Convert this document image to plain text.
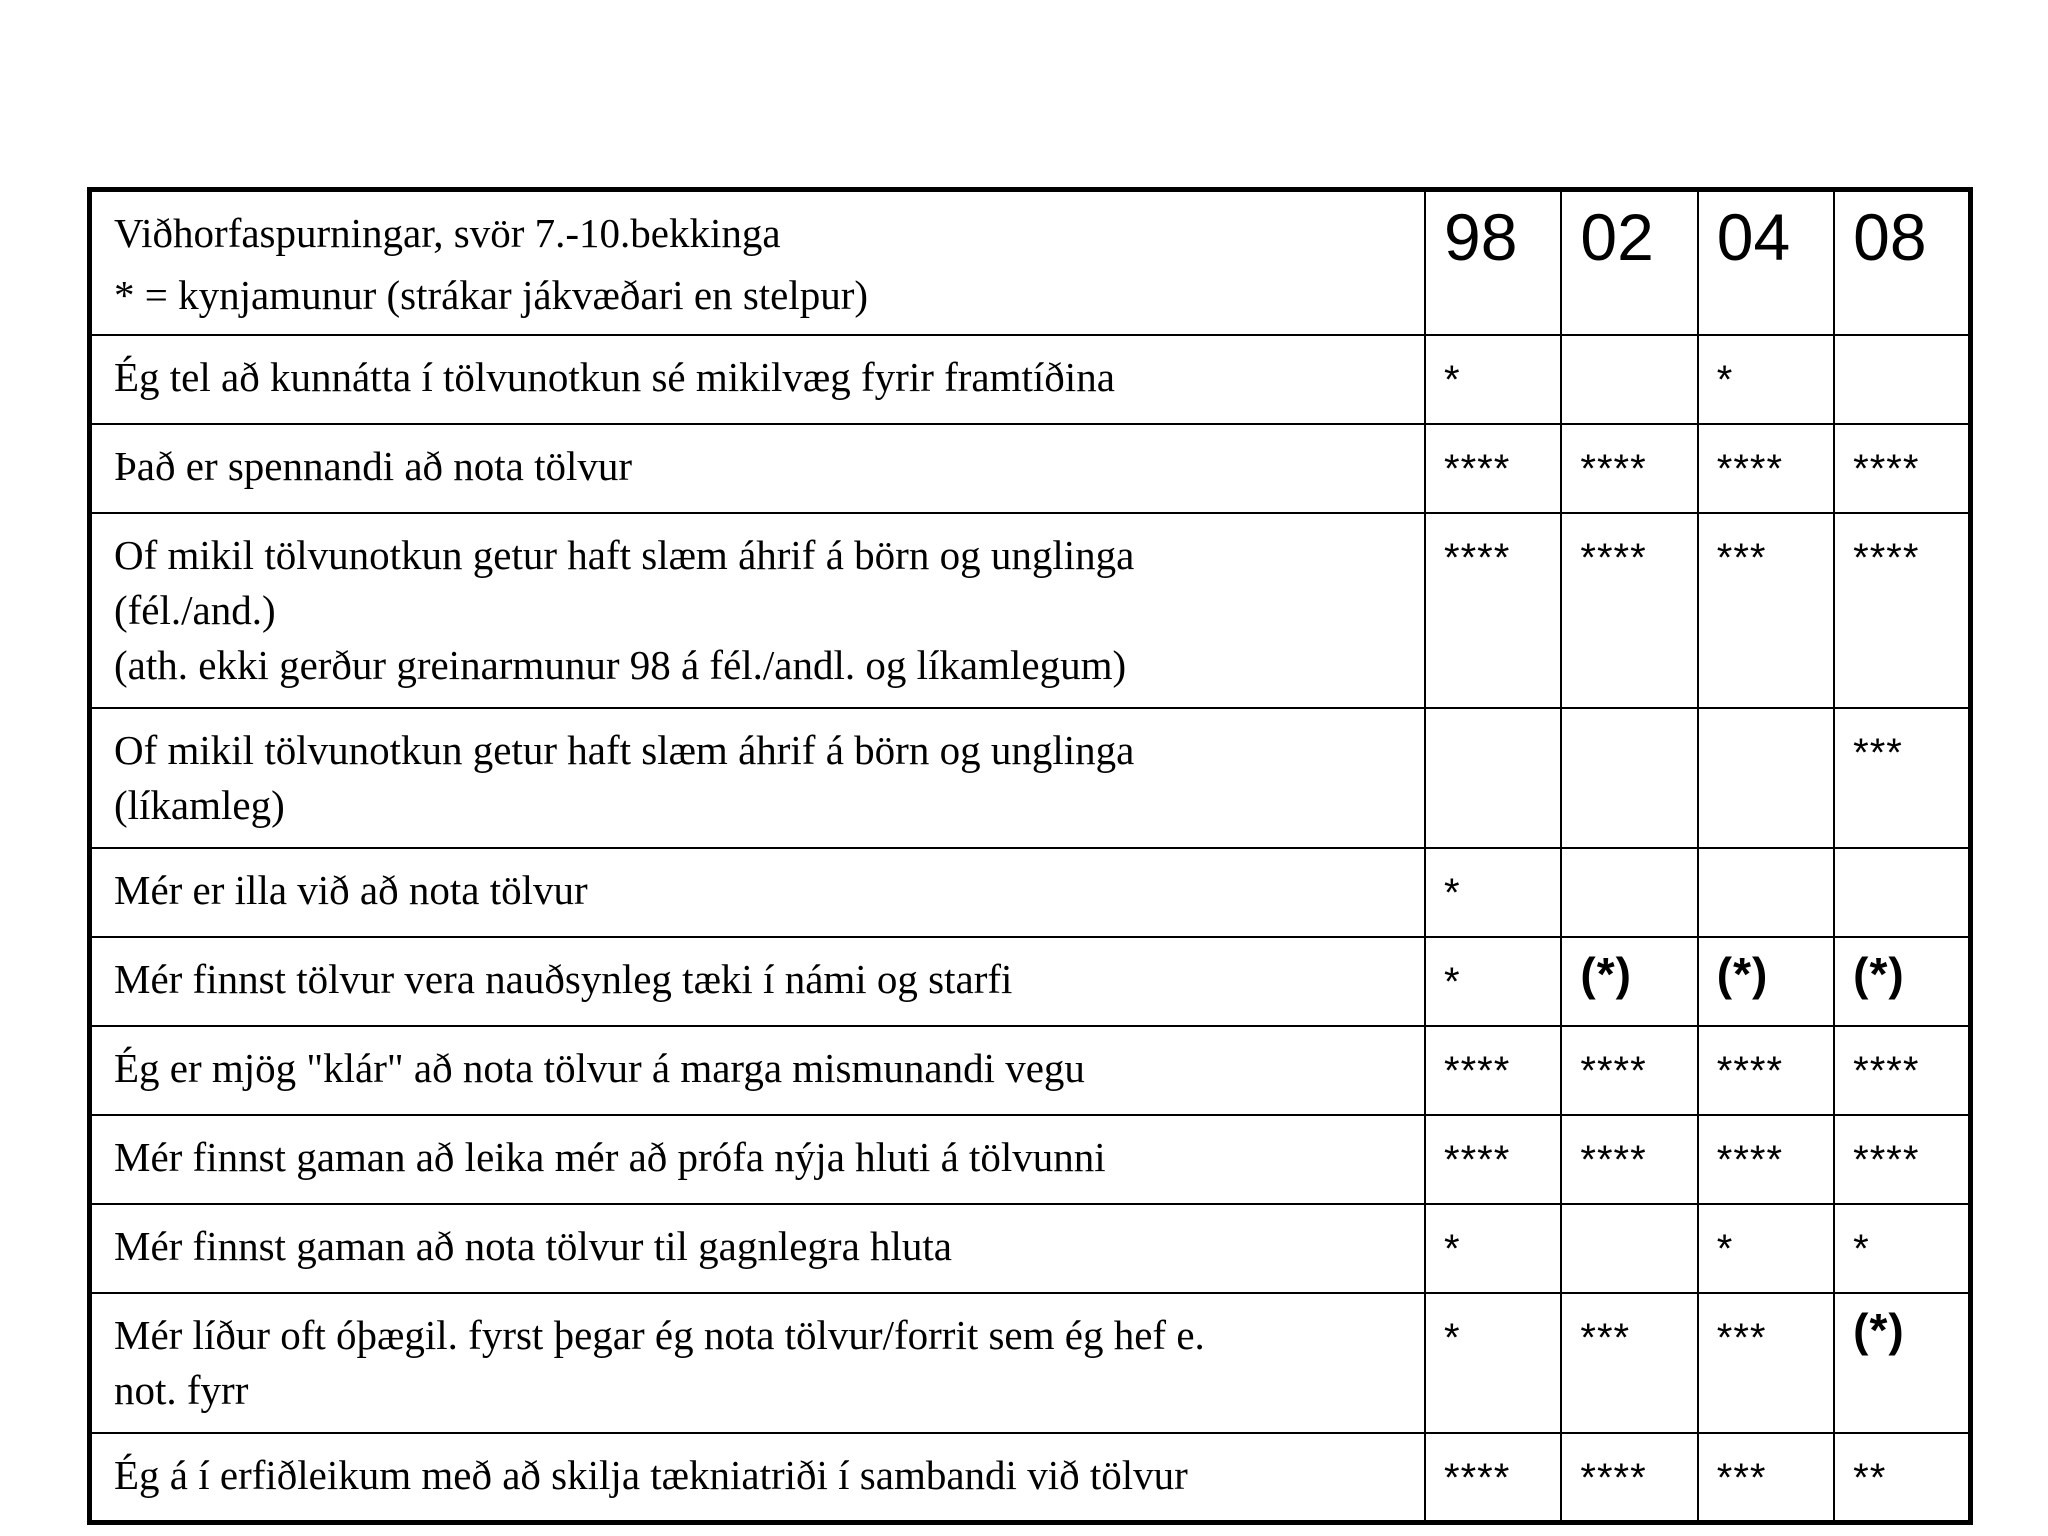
Viðhorfaspurningar, svör 7.-10.bekkinga
* = kynjamunur (strákar jákvæðari en stelpur)	98	02	04	08

Ég tel að kunnátta í tölvunotkun sé mikilvæg fyrir framtíðina	*		*	

Það er spennandi að nota tölvur	****	****	****	****

Of mikil tölvunotkun getur haft slæm áhrif á börn og unglinga
(fél./and.)
(ath. ekki gerður greinarmunur 98 á fél./andl. og líkamlegum)	****	****	***	****

Of mikil tölvunotkun getur haft slæm áhrif á börn og unglinga
(líkamleg)				***

Mér er illa við að nota tölvur	*			

Mér finnst tölvur vera nauðsynleg tæki í námi og starfi	*	(*)	(*)	(*)

Ég er mjög "klár" að nota tölvur á marga mismunandi vegu	****	****	****	****

Mér finnst gaman að leika mér að prófa nýja hluti á tölvunni	****	****	****	****

Mér finnst gaman að nota tölvur til gagnlegra hluta	*		*	*

Mér líður oft óþægil. fyrst þegar ég nota tölvur/forrit sem ég hef e.
not. fyrr	*	***	***	(*)

Ég á í erfiðleikum með að skilja tækniatriði í sambandi við tölvur	****	****	***	**
